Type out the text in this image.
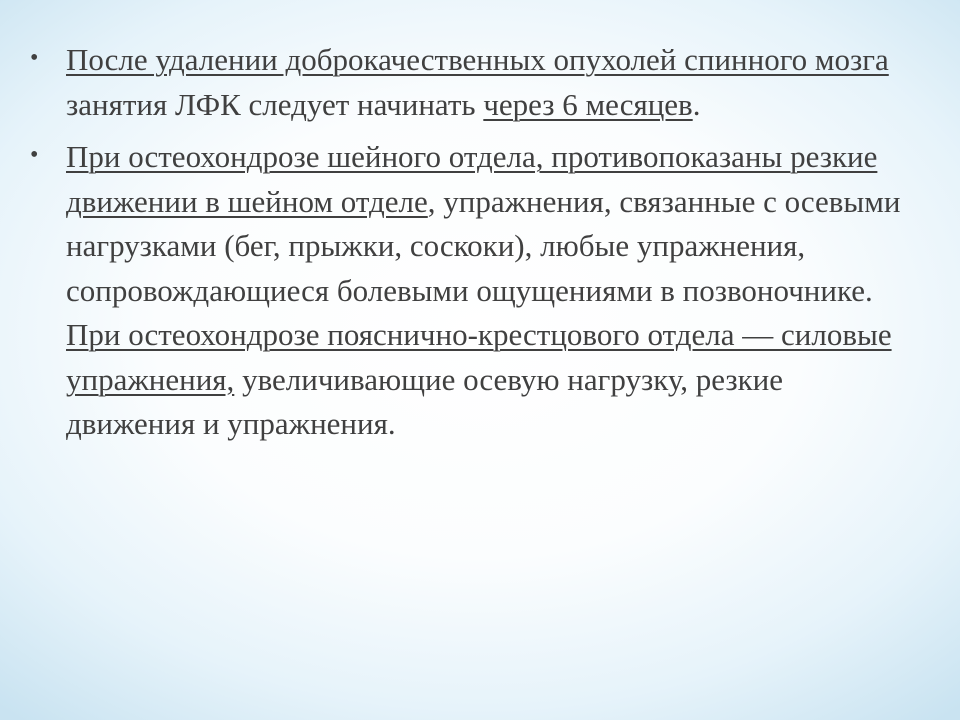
• После удалении доброкачественных опухолей спинного мозга занятия ЛФК следует начинать через 6 месяцев.
• При остеохондрозе шейного отдела, противопоказаны резкие движении в шейном отделе, упражнения, связанные с осевыми нагрузками (бег, прыжки, соскоки), любые упражнения, сопровождающиеся болевыми ощущениями в позвоночнике. При остеохондрозе пояснично-крестцового отдела — силовые упражнения, увеличивающие осевую нагрузку, резкие движения и упражнения.
